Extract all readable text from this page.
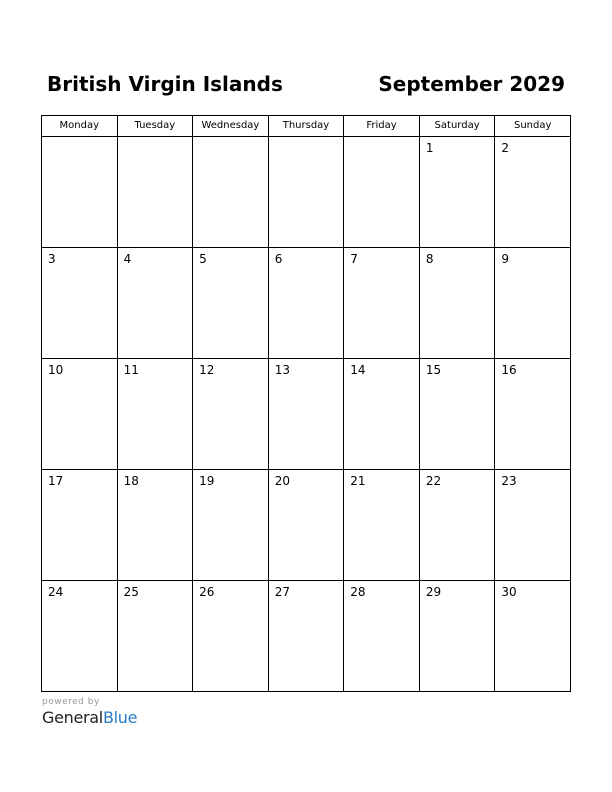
British Virgin Islands	September 2029
Monday	Tuesday	Wednesday	Thursday	Friday	Saturday	Sunday

					1	2

3	4	5	6	7	8	9

10	11	12	13	14	15	16

17	18	19	20	21	22	23

24	25	26	27	28	29	30
powered by
GeneralBlue
